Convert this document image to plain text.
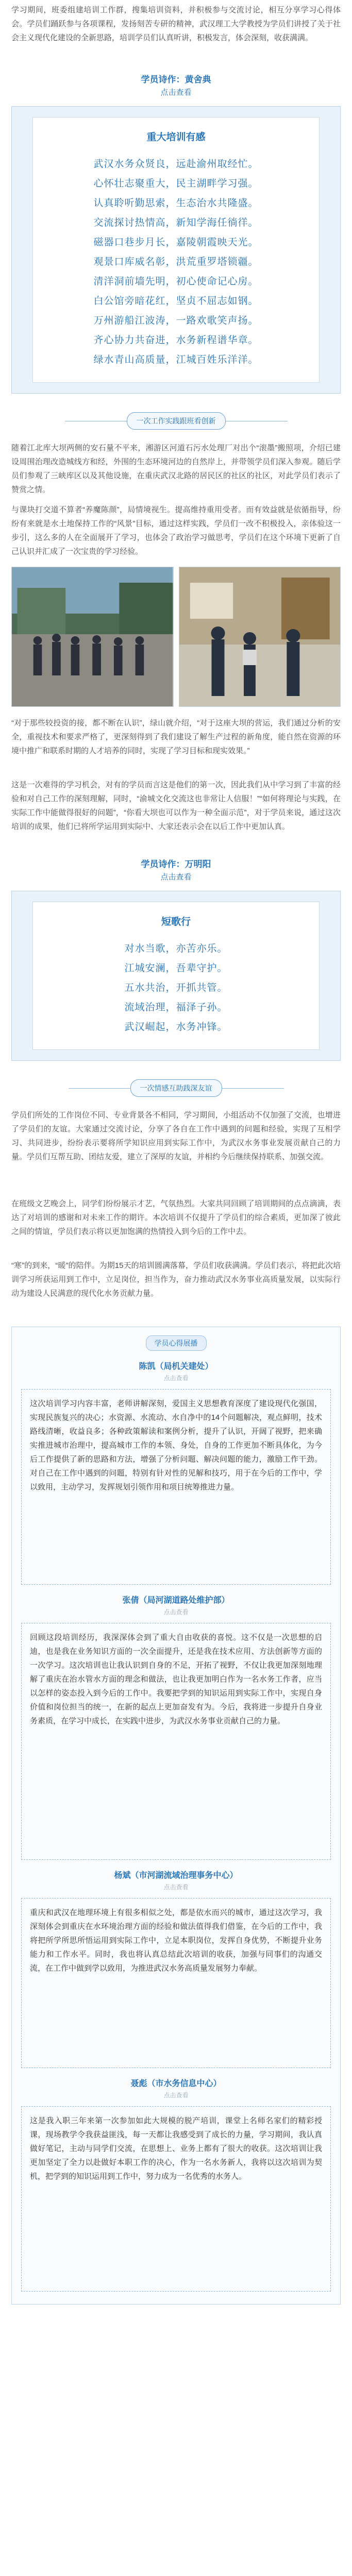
学习期间，班委组建培训工作群，搜集培训资料，并积极参与交流讨论，相互分享学习心得体会。学员们踊跃参与各项课程，发扬刻苦专研的精神，武汉理工大学教授为学员们讲授了关于社会主义现代化建设的全新思路，培训学员们认真听讲，积极发言，体会深刻，收获满满。

学员诗作：黄舍典

点击查看

重大培训有感
武汉水务众贤良，远赴渝州取经忙。
心怀壮志聚重大，民主湖畔学习强。
认真聆听勤思索，生态治水共隆盛。
交流探讨热情高，新知学海任徜徉。
磁器口巷步月长，嘉陵朝霞映天光。
观景口库威名彰，洪荒重罗塔锁疆。
清洋洞前墙先明，初心使命记心房。
白公馆旁暗花红，坚贞不屈志如钢。
万州游船江波涛，一路欢歌笑声扬。
齐心协力共奋进，水务新程谱华章。
绿水青山高质量，江城百姓乐洋洋。
一次工作实践跟班看创新

随着江北库大坝两侧的安石量不平来，湘游区河道石污水处理厂对出个“滚墨”搬照项，介绍已建设周围治理改造城线方和经，外围的生态环境河边的自然岸上，并带领学员们深入参观。随后学员们参观了三峡库区以及其他设施，在重庆武汉北路的居民区的社区的社区，对此学员们表示了赞赏之情。

与课块打交道不算者“养魔陈颜”，局情境视生。提高维持重用受者。而有效益就是依循指导，纷纷有来就是水土地保持工作的“风景”目标，通过这样实践，学员们一改不积极投入，亲体验这一步引，这么多的人在全面展开了学习，也体会了政治学习做思考，学员们在这个环境下更新了自己认识并汇成了一次宝贵的学习经验。

“对于那些较投资的接，都不断在认识”，绿山就介绍，“对于这座大坝的营运，我们通过分析的安全，重视技术和要求严格了，更深刻得到了我们建设了解生产过程的新角度，能自然在资源的环境中推广和联系时期的人才培养的同时，实现了学习目标和现实效果。”

这是一次难得的学习机会，对有的学员而言这是他们的第一次，因此我们从中学习到了丰富的经验和对自己工作的深刻理解，同时，“渝城文化交流这也非常让人信服！”“如何将理论与实践，在实际工作中能做得很好的问题”，“你看大坝也可以作为一种全面示范”，对于学员来说，通过这次培训的成果，他们已将所学运用到实际中、大家还表示会在以后工作中更加认真。

学员诗作：万明阳

点击查看

短歌行
对水当歌，亦苦亦乐。
江城安澜，吾辈守护。
五水共治，开抓共管。
流域治理，福泽子孙。
武汉崛起，水务冲锋。
一次情感互助践深友谊

学员们所处的工作岗位不同、专业背景各不相同，学习期间，小组活动不仅加强了交流，也增进了学员们的友谊。大家通过交流讨论，分享了各自在工作中遇到的问题和经验，实现了互相学习、共同进步，纷纷表示要将所学知识应用到实际工作中，为武汉水务事业发展贡献自己的力量。学员们互帮互助、团结友爱，建立了深厚的友谊，并相约今后继续保持联系、加强交流。

在班级文艺晚会上，同学们纷纷展示才艺，气氛热烈。大家共同回顾了培训期间的点点滴滴，表达了对培训的感谢和对未来工作的期许。本次培训不仅提升了学员们的综合素质，更加深了彼此之间的情谊，学员们表示将以更加饱满的热情投入到今后的工作中去。

“寒”的到来，“暖”的陪伴。为期15天的培训圆满落幕，学员们收获满满。学员们表示，将把此次培训学习所获运用到工作中，立足岗位，担当作为，奋力推动武汉水务事业高质量发展，以实际行动为建设人民满意的现代化水务贡献力量。

学员心得展播

陈凯（局机关建处）

点击查看

这次培训学习内容丰富，老师讲解深刻，爱国主义思想教育深度了建设现代化强国，实现民族复兴的决心；水资源、水流动、水自净中的14个问题解决，观点鲜明，技术路线清晰，收益良多；各种政策解读和案例分析，提升了认识，开阔了视野，把来确实推进城市治理中，提高城市工作的本领、身处，自身的工作更加不断具体化，为今后工作提供了新的思路和方法，增强了分析问题、解决问题的能力，激励工作干劲。对自己在工作中遇到的问题，特别有针对性的见解和技巧，用于在今后的工作中，学以致用，主动学习，发挥规划引领作用和项目统筹推进力量。

张倩（局河湖道路处维护部）

点击查看

回顾这段培训经历，我深深体会到了重大自由收获的喜悦。这不仅是一次思想的启迪，也是我在业务知识方面的一次全面提升，还是我在技术应用、方法创新等方面的一次学习。这次培训也让我认识到自身的不足，开拓了视野，不仅让我更加深刻地理解了重庆在治水管水方面的理念和做法，也让我更加明白作为一名水务工作者，应当以怎样的姿态投入到今后的工作中。我要把学到的知识运用到实际工作中，实现自身价值和岗位担当的统一，在新的起点上更加奋发有为。今后，我将进一步提升自身业务素质，在学习中成长，在实践中进步，为武汉水务事业贡献自己的力量。

杨斌（市河湖流域治理事务中心）

点击查看

重庆和武汉在地理环境上有很多相似之处，都是依水而兴的城市，通过这次学习，我深刻体会到重庆在水环境治理方面的经验和做法值得我们借鉴，在今后的工作中，我将把所学所思所悟运用到实际工作中，立足本职岗位，发挥自身优势，不断提升业务能力和工作水平。同时，我也将认真总结此次培训的收获，加强与同事们的沟通交流，在工作中做到学以致用，为推进武汉水务高质量发展努力奉献。

聂彪（市水务信息中心）

点击查看

这是我入职三年来第一次参加如此大规模的脱产培训，课堂上名师名家们的精彩授课，现场教学令我获益匪浅，每一天都让我感受到了成长的力量，学习期间，我认真做好笔记，主动与同学们交流，在思想上、业务上都有了很大的收获。这次培训让我更加坚定了全力以赴做好本职工作的决心，作为一名水务新人，我将以这次培训为契机，把学到的知识运用到工作中，努力成为一名优秀的水务人。
